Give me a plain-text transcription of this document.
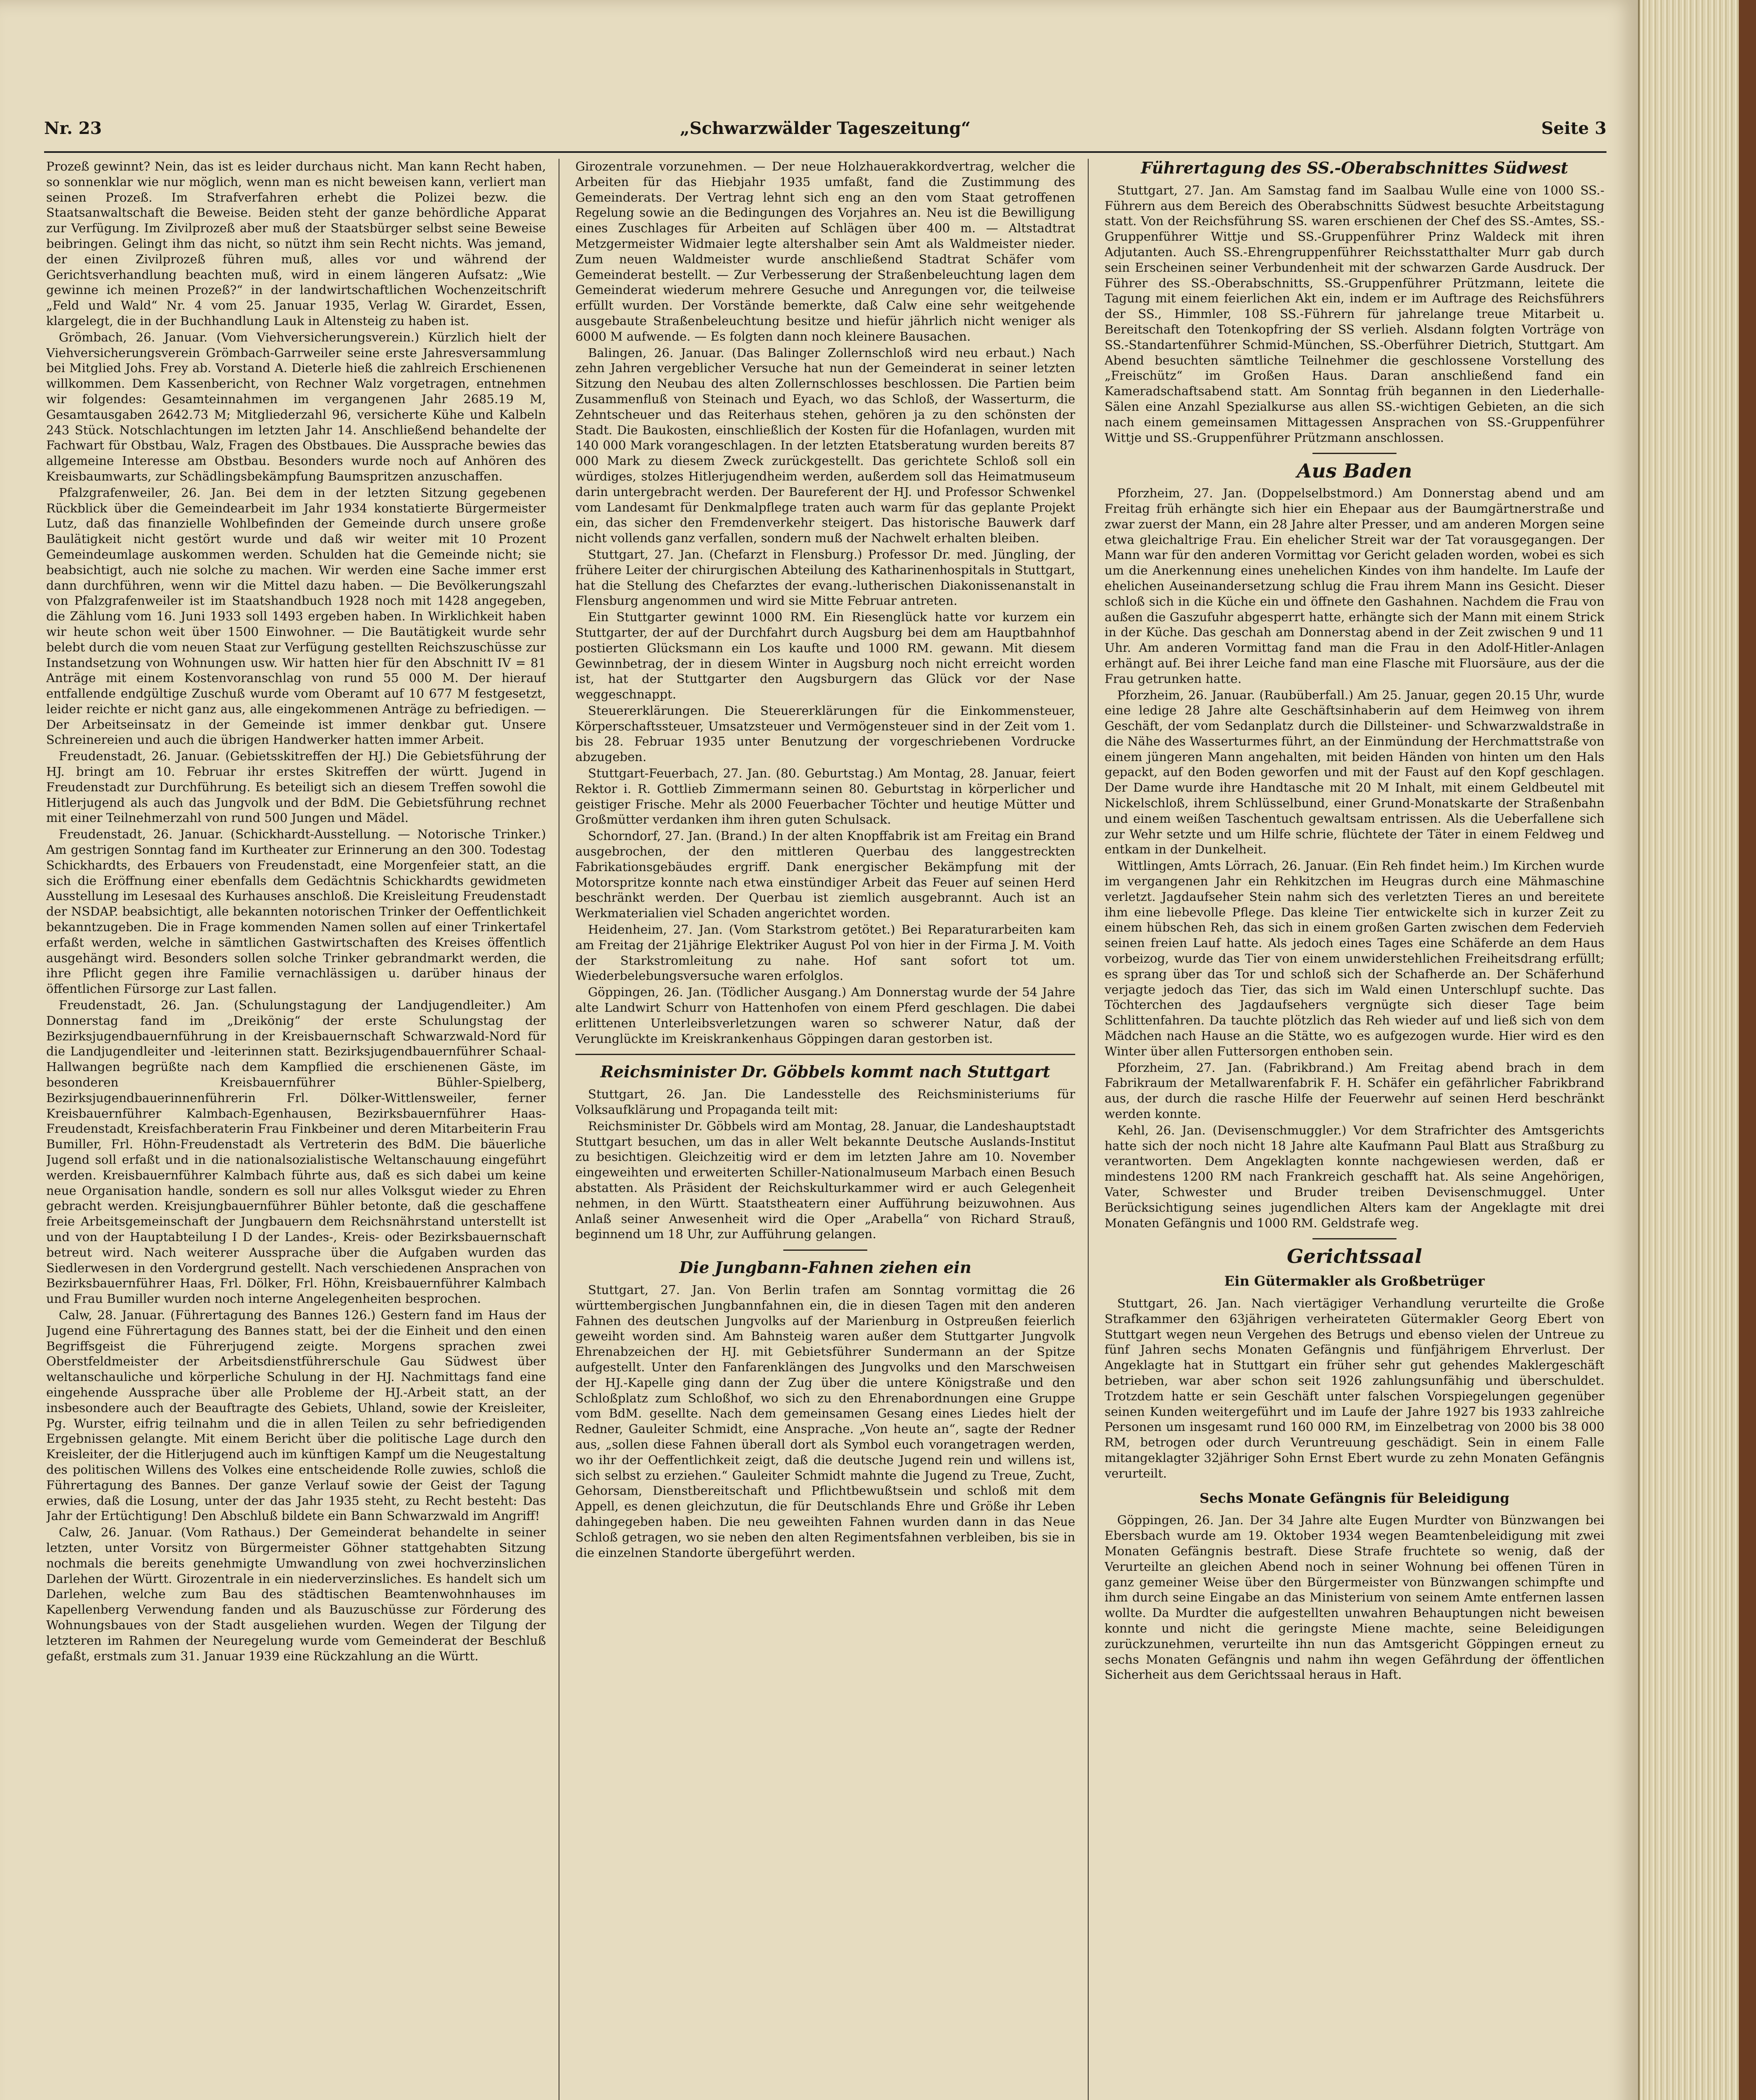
Nr. 23	„Schwarzwälder Tageszeitung“	Seite 3

Prozeß gewinnt? Nein, das ist es leider durchaus nicht. Man kann Recht haben, so sonnenklar wie nur möglich, wenn man es nicht beweisen kann, verliert man seinen Prozeß. Im Strafverfahren erhebt die Polizei bezw. die Staatsanwaltschaft die Beweise. Beiden steht der ganze behördliche Apparat zur Verfügung. Im Zivilprozeß aber muß der Staatsbürger selbst seine Beweise beibringen. Gelingt ihm das nicht, so nützt ihm sein Recht nichts. Was jemand, der einen Zivilprozeß führen muß, alles vor und während der Gerichtsverhandlung beachten muß, wird in einem längeren Aufsatz: „Wie gewinne ich meinen Prozeß?“ in der landwirtschaftlichen Wochenzeitschrift „Feld und Wald“ Nr. 4 vom 25. Januar 1935, Verlag W. Girardet, Essen, klargelegt, die in der Buchhandlung Lauk in Altensteig zu haben ist.

Grömbach, 26. Januar. (Vom Viehversicherungsverein.) Kürzlich hielt der Viehversicherungsverein Grömbach-Garrweiler seine erste Jahresversammlung bei Mitglied Johs. Frey ab. Vorstand A. Dieterle hieß die zahlreich Erschienenen willkommen. Dem Kassenbericht, von Rechner Walz vorgetragen, entnehmen wir folgendes: Gesamteinnahmen im vergangenen Jahr 2685.19 M, Gesamtausgaben 2642.73 M; Mitgliederzahl 96, versicherte Kühe und Kalbeln 243 Stück. Notschlachtungen im letzten Jahr 14. Anschließend behandelte der Fachwart für Obstbau, Walz, Fragen des Obstbaues. Die Aussprache bewies das allgemeine Interesse am Obstbau. Besonders wurde noch auf Anhören des Kreisbaumwarts, zur Schädlingsbekämpfung Baumspritzen anzuschaffen.

Pfalzgrafenweiler, 26. Jan. Bei dem in der letzten Sitzung gegebenen Rückblick über die Gemeindearbeit im Jahr 1934 konstatierte Bürgermeister Lutz, daß das finanzielle Wohlbefinden der Gemeinde durch unsere große Baulätigkeit nicht gestört wurde und daß wir weiter mit 10 Prozent Gemeindeumlage auskommen werden. Schulden hat die Gemeinde nicht; sie beabsichtigt, auch nie solche zu machen. Wir werden eine Sache immer erst dann durchführen, wenn wir die Mittel dazu haben. — Die Bevölkerungszahl von Pfalzgrafenweiler ist im Staatshandbuch 1928 noch mit 1428 angegeben, die Zählung vom 16. Juni 1933 soll 1493 ergeben haben. In Wirklichkeit haben wir heute schon weit über 1500 Einwohner. — Die Bautätigkeit wurde sehr belebt durch die vom neuen Staat zur Verfügung gestellten Reichszuschüsse zur Instandsetzung von Wohnungen usw. Wir hatten hier für den Abschnitt IV = 81 Anträge mit einem Kostenvoranschlag von rund 55 000 M. Der hierauf entfallende endgültige Zuschuß wurde vom Oberamt auf 10 677 M festgesetzt, leider reichte er nicht ganz aus, alle eingekommenen Anträge zu befriedigen. — Der Arbeitseinsatz in der Gemeinde ist immer denkbar gut. Unsere Schreinereien und auch die übrigen Handwerker hatten immer Arbeit.

Freudenstadt, 26. Januar. (Gebietsskitreffen der HJ.) Die Gebietsführung der HJ. bringt am 10. Februar ihr erstes Skitreffen der württ. Jugend in Freudenstadt zur Durchführung. Es beteiligt sich an diesem Treffen sowohl die Hitlerjugend als auch das Jungvolk und der BdM. Die Gebietsführung rechnet mit einer Teilnehmerzahl von rund 500 Jungen und Mädel.

Freudenstadt, 26. Januar. (Schickhardt-Ausstellung. — Notorische Trinker.) Am gestrigen Sonntag fand im Kurtheater zur Erinnerung an den 300. Todestag Schickhardts, des Erbauers von Freudenstadt, eine Morgenfeier statt, an die sich die Eröffnung einer ebenfalls dem Gedächtnis Schickhardts gewidmeten Ausstellung im Lesesaal des Kurhauses anschloß. Die Kreisleitung Freudenstadt der NSDAP. beabsichtigt, alle bekannten notorischen Trinker der Oeffentlichkeit bekanntzugeben. Die in Frage kommenden Namen sollen auf einer Trinkertafel erfaßt werden, welche in sämtlichen Gastwirtschaften des Kreises öffentlich ausgehängt wird. Besonders sollen solche Trinker gebrandmarkt werden, die ihre Pflicht gegen ihre Familie vernachlässigen u. darüber hinaus der öffentlichen Fürsorge zur Last fallen.

Freudenstadt, 26. Jan. (Schulungstagung der Landjugendleiter.) Am Donnerstag fand im „Dreikönig“ der erste Schulungstag der Bezirksjugendbauernführung in der Kreisbauernschaft Schwarzwald-Nord für die Landjugendleiter und -leiterinnen statt. Bezirksjugendbauernführer Schaal-Hallwangen begrüßte nach dem Kampflied die erschienenen Gäste, im besonderen Kreisbauernführer Bühler-Spielberg, Bezirksjugendbauerinnenführerin Frl. Dölker-Wittlensweiler, ferner Kreisbauernführer Kalmbach-Egenhausen, Bezirksbauernführer Haas-Freudenstadt, Kreisfachberaterin Frau Finkbeiner und deren Mitarbeiterin Frau Bumiller, Frl. Höhn-Freudenstadt als Vertreterin des BdM. Die bäuerliche Jugend soll erfaßt und in die nationalsozialistische Weltanschauung eingeführt werden. Kreisbauernführer Kalmbach führte aus, daß es sich dabei um keine neue Organisation handle, sondern es soll nur alles Volksgut wieder zu Ehren gebracht werden. Kreisjungbauernführer Bühler betonte, daß die geschaffene freie Arbeitsgemeinschaft der Jungbauern dem Reichsnährstand unterstellt ist und von der Hauptabteilung I D der Landes-, Kreis- oder Bezirksbauernschaft betreut wird. Nach weiterer Aussprache über die Aufgaben wurden das Siedlerwesen in den Vordergrund gestellt. Nach verschiedenen Ansprachen von Bezirksbauernführer Haas, Frl. Dölker, Frl. Höhn, Kreisbauernführer Kalmbach und Frau Bumiller wurden noch interne Angelegenheiten besprochen.

Calw, 28. Januar. (Führertagung des Bannes 126.) Gestern fand im Haus der Jugend eine Führertagung des Bannes statt, bei der die Einheit und den einen Begriffsgeist die Führerjugend zeigte. Morgens sprachen zwei Oberstfeldmeister der Arbeitsdienstführerschule Gau Südwest über weltanschauliche und körperliche Schulung in der HJ. Nachmittags fand eine eingehende Aussprache über alle Probleme der HJ.-Arbeit statt, an der insbesondere auch der Beauftragte des Gebiets, Uhland, sowie der Kreisleiter, Pg. Wurster, eifrig teilnahm und die in allen Teilen zu sehr befriedigenden Ergebnissen gelangte. Mit einem Bericht über die politische Lage durch den Kreisleiter, der die Hitlerjugend auch im künftigen Kampf um die Neugestaltung des politischen Willens des Volkes eine entscheidende Rolle zuwies, schloß die Führertagung des Bannes. Der ganze Verlauf sowie der Geist der Tagung erwies, daß die Losung, unter der das Jahr 1935 steht, zu Recht besteht: Das Jahr der Ertüchtigung! Den Abschluß bildete ein Bann Schwarzwald im Angriff!

Calw, 26. Januar. (Vom Rathaus.) Der Gemeinderat behandelte in seiner letzten, unter Vorsitz von Bürgermeister Göhner stattgehabten Sitzung nochmals die bereits genehmigte Umwandlung von zwei hochverzinslichen Darlehen der Württ. Girozentrale in ein niederverzinsliches. Es handelt sich um Darlehen, welche zum Bau des städtischen Beamtenwohnhauses im Kapellenberg Verwendung fanden und als Bauzuschüsse zur Förderung des Wohnungsbaues von der Stadt ausgeliehen wurden. Wegen der Tilgung der letzteren im Rahmen der Neuregelung wurde vom Gemeinderat der Beschluß gefaßt, erstmals zum 31. Januar 1939 eine Rückzahlung an die Württ.

Girozentrale vorzunehmen. — Der neue Holzhauerakkordvertrag, welcher die Arbeiten für das Hiebjahr 1935 umfaßt, fand die Zustimmung des Gemeinderats. Der Vertrag lehnt sich eng an den vom Staat getroffenen Regelung sowie an die Bedingungen des Vorjahres an. Neu ist die Bewilligung eines Zuschlages für Arbeiten auf Schlägen über 400 m. — Altstadtrat Metzgermeister Widmaier legte altershalber sein Amt als Waldmeister nieder. Zum neuen Waldmeister wurde anschließend Stadtrat Schäfer vom Gemeinderat bestellt. — Zur Verbesserung der Straßenbeleuchtung lagen dem Gemeinderat wiederum mehrere Gesuche und Anregungen vor, die teilweise erfüllt wurden. Der Vorstände bemerkte, daß Calw eine sehr weitgehende ausgebaute Straßenbeleuchtung besitze und hiefür jährlich nicht weniger als 6000 M aufwende. — Es folgten dann noch kleinere Bausachen.

Balingen, 26. Januar. (Das Balinger Zollernschloß wird neu erbaut.) Nach zehn Jahren vergeblicher Versuche hat nun der Gemeinderat in seiner letzten Sitzung den Neubau des alten Zollernschlosses beschlossen. Die Partien beim Zusammenfluß von Steinach und Eyach, wo das Schloß, der Wasserturm, die Zehntscheuer und das Reiterhaus stehen, gehören ja zu den schönsten der Stadt. Die Baukosten, einschließlich der Kosten für die Hofanlagen, wurden mit 140 000 Mark vorangeschlagen. In der letzten Etatsberatung wurden bereits 87 000 Mark zu diesem Zweck zurückgestellt. Das gerichtete Schloß soll ein würdiges, stolzes Hitlerjugendheim werden, außerdem soll das Heimatmuseum darin untergebracht werden. Der Baureferent der HJ. und Professor Schwenkel vom Landesamt für Denkmalpflege traten auch warm für das geplante Projekt ein, das sicher den Fremdenverkehr steigert. Das historische Bauwerk darf nicht vollends ganz verfallen, sondern muß der Nachwelt erhalten bleiben.

Stuttgart, 27. Jan. (Chefarzt in Flensburg.) Professor Dr. med. Jüngling, der frühere Leiter der chirurgischen Abteilung des Katharinenhospitals in Stuttgart, hat die Stellung des Chefarztes der evang.-lutherischen Diakonissenanstalt in Flensburg angenommen und wird sie Mitte Februar antreten.

Ein Stuttgarter gewinnt 1000 RM. Ein Riesenglück hatte vor kurzem ein Stuttgarter, der auf der Durchfahrt durch Augsburg bei dem am Hauptbahnhof postierten Glücksmann ein Los kaufte und 1000 RM. gewann. Mit diesem Gewinnbetrag, der in diesem Winter in Augsburg noch nicht erreicht worden ist, hat der Stuttgarter den Augsburgern das Glück vor der Nase weggeschnappt.

Steuererklärungen. Die Steuererklärungen für die Einkommensteuer, Körperschaftssteuer, Umsatzsteuer und Vermögensteuer sind in der Zeit vom 1. bis 28. Februar 1935 unter Benutzung der vorgeschriebenen Vordrucke abzugeben.

Stuttgart-Feuerbach, 27. Jan. (80. Geburtstag.) Am Montag, 28. Januar, feiert Rektor i. R. Gottlieb Zimmermann seinen 80. Geburtstag in körperlicher und geistiger Frische. Mehr als 2000 Feuerbacher Töchter und heutige Mütter und Großmütter verdanken ihm ihren guten Schulsack.

Schorndorf, 27. Jan. (Brand.) In der alten Knopffabrik ist am Freitag ein Brand ausgebrochen, der den mittleren Querbau des langgestreckten Fabrikationsgebäudes ergriff. Dank energischer Bekämpfung mit der Motorspritze konnte nach etwa einstündiger Arbeit das Feuer auf seinen Herd beschränkt werden. Der Querbau ist ziemlich ausgebrannt. Auch ist an Werkmaterialien viel Schaden angerichtet worden.

Heidenheim, 27. Jan. (Vom Starkstrom getötet.) Bei Reparaturarbeiten kam am Freitag der 21jährige Elektriker August Pol von hier in der Firma J. M. Voith der Starkstromleitung zu nahe. Hof sant sofort tot um. Wiederbelebungsversuche waren erfolglos.

Göppingen, 26. Jan. (Tödlicher Ausgang.) Am Donnerstag wurde der 54 Jahre alte Landwirt Schurr von Hattenhofen von einem Pferd geschlagen. Die dabei erlittenen Unterleibsverletzungen waren so schwerer Natur, daß der Verunglückte im Kreiskrankenhaus Göppingen daran gestorben ist.

Reichsminister Dr. Göbbels kommt nach Stuttgart

Stuttgart, 26. Jan. Die Landesstelle des Reichsministeriums für Volksaufklärung und Propaganda teilt mit:

Reichsminister Dr. Göbbels wird am Montag, 28. Januar, die Landeshauptstadt Stuttgart besuchen, um das in aller Welt bekannte Deutsche Auslands-Institut zu besichtigen. Gleichzeitig wird er dem im letzten Jahre am 10. November eingeweihten und erweiterten Schiller-Nationalmuseum Marbach einen Besuch abstatten. Als Präsident der Reichskulturkammer wird er auch Gelegenheit nehmen, in den Württ. Staatstheatern einer Aufführung beizuwohnen. Aus Anlaß seiner Anwesenheit wird die Oper „Arabella“ von Richard Strauß, beginnend um 18 Uhr, zur Aufführung gelangen.

Die Jungbann-Fahnen ziehen ein

Stuttgart, 27. Jan. Von Berlin trafen am Sonntag vormittag die 26 württembergischen Jungbannfahnen ein, die in diesen Tagen mit den anderen Fahnen des deutschen Jungvolks auf der Marienburg in Ostpreußen feierlich geweiht worden sind. Am Bahnsteig waren außer dem Stuttgarter Jungvolk Ehrenabzeichen der HJ. mit Gebietsführer Sundermann an der Spitze aufgestellt. Unter den Fanfarenklängen des Jungvolks und den Marschweisen der HJ.-Kapelle ging dann der Zug über die untere Königstraße und den Schloßplatz zum Schloßhof, wo sich zu den Ehrenabordnungen eine Gruppe vom BdM. gesellte. Nach dem gemeinsamen Gesang eines Liedes hielt der Redner, Gauleiter Schmidt, eine Ansprache. „Von heute an“, sagte der Redner aus, „sollen diese Fahnen überall dort als Symbol euch vorangetragen werden, wo ihr der Oeffentlichkeit zeigt, daß die deutsche Jugend rein und willens ist, sich selbst zu erziehen.“ Gauleiter Schmidt mahnte die Jugend zu Treue, Zucht, Gehorsam, Dienstbereitschaft und Pflichtbewußtsein und schloß mit dem Appell, es denen gleichzutun, die für Deutschlands Ehre und Größe ihr Leben dahingegeben haben. Die neu geweihten Fahnen wurden dann in das Neue Schloß getragen, wo sie neben den alten Regimentsfahnen verbleiben, bis sie in die einzelnen Standorte übergeführt werden.

Führertagung des SS.-Oberabschnittes Südwest

Stuttgart, 27. Jan. Am Samstag fand im Saalbau Wulle eine von 1000 SS.-Führern aus dem Bereich des Oberabschnitts Südwest besuchte Arbeitstagung statt. Von der Reichsführung SS. waren erschienen der Chef des SS.-Amtes, SS.-Gruppenführer Wittje und SS.-Gruppenführer Prinz Waldeck mit ihren Adjutanten. Auch SS.-Ehrengruppenführer Reichsstatthalter Murr gab durch sein Erscheinen seiner Verbundenheit mit der schwarzen Garde Ausdruck. Der Führer des SS.-Oberabschnitts, SS.-Gruppenführer Prützmann, leitete die Tagung mit einem feierlichen Akt ein, indem er im Auftrage des Reichsführers der SS., Himmler, 108 SS.-Führern für jahrelange treue Mitarbeit u. Bereitschaft den Totenkopfring der SS verlieh. Alsdann folgten Vorträge von SS.-Standartenführer Schmid-München, SS.-Oberführer Dietrich, Stuttgart. Am Abend besuchten sämtliche Teilnehmer die geschlossene Vorstellung des „Freischütz“ im Großen Haus. Daran anschließend fand ein Kameradschaftsabend statt. Am Sonntag früh begannen in den Liederhalle-Sälen eine Anzahl Spezialkurse aus allen SS.-wichtigen Gebieten, an die sich nach einem gemeinsamen Mittagessen Ansprachen von SS.-Gruppenführer Wittje und SS.-Gruppenführer Prützmann anschlossen.

Aus Baden

Pforzheim, 27. Jan. (Doppelselbstmord.) Am Donnerstag abend und am Freitag früh erhängte sich hier ein Ehepaar aus der Baumgärtnerstraße und zwar zuerst der Mann, ein 28 Jahre alter Presser, und am anderen Morgen seine etwa gleichaltrige Frau. Ein ehelicher Streit war der Tat vorausgegangen. Der Mann war für den anderen Vormittag vor Gericht geladen worden, wobei es sich um die Anerkennung eines unehelichen Kindes von ihm handelte. Im Laufe der ehelichen Auseinandersetzung schlug die Frau ihrem Mann ins Gesicht. Dieser schloß sich in die Küche ein und öffnete den Gashahnen. Nachdem die Frau von außen die Gaszufuhr abgesperrt hatte, erhängte sich der Mann mit einem Strick in der Küche. Das geschah am Donnerstag abend in der Zeit zwischen 9 und 11 Uhr. Am anderen Vormittag fand man die Frau in den Adolf-Hitler-Anlagen erhängt auf. Bei ihrer Leiche fand man eine Flasche mit Fluorsäure, aus der die Frau getrunken hatte.

Pforzheim, 26. Januar. (Raubüberfall.) Am 25. Januar, gegen 20.15 Uhr, wurde eine ledige 28 Jahre alte Geschäftsinhaberin auf dem Heimweg von ihrem Geschäft, der vom Sedanplatz durch die Dillsteiner- und Schwarzwaldstraße in die Nähe des Wasserturmes führt, an der Einmündung der Herchmattstraße von einem jüngeren Mann angehalten, mit beiden Händen von hinten um den Hals gepackt, auf den Boden geworfen und mit der Faust auf den Kopf geschlagen. Der Dame wurde ihre Handtasche mit 20 M Inhalt, mit einem Geldbeutel mit Nickelschloß, ihrem Schlüsselbund, einer Grund-Monatskarte der Straßenbahn und einem weißen Taschentuch gewaltsam entrissen. Als die Ueberfallene sich zur Wehr setzte und um Hilfe schrie, flüchtete der Täter in einem Feldweg und entkam in der Dunkelheit.

Wittlingen, Amts Lörrach, 26. Januar. (Ein Reh findet heim.) Im Kirchen wurde im vergangenen Jahr ein Rehkitzchen im Heugras durch eine Mähmaschine verletzt. Jagdaufseher Stein nahm sich des verletzten Tieres an und bereitete ihm eine liebevolle Pflege. Das kleine Tier entwickelte sich in kurzer Zeit zu einem hübschen Reh, das sich in einem großen Garten zwischen dem Federvieh seinen freien Lauf hatte. Als jedoch eines Tages eine Schäferde an dem Haus vorbeizog, wurde das Tier von einem unwiderstehlichen Freiheitsdrang erfüllt; es sprang über das Tor und schloß sich der Schafherde an. Der Schäferhund verjagte jedoch das Tier, das sich im Wald einen Unterschlupf suchte. Das Töchterchen des Jagdaufsehers vergnügte sich dieser Tage beim Schlittenfahren. Da tauchte plötzlich das Reh wieder auf und ließ sich von dem Mädchen nach Hause an die Stätte, wo es aufgezogen wurde. Hier wird es den Winter über allen Futtersorgen enthoben sein.

Pforzheim, 27. Jan. (Fabrikbrand.) Am Freitag abend brach in dem Fabrikraum der Metallwarenfabrik F. H. Schäfer ein gefährlicher Fabrikbrand aus, der durch die rasche Hilfe der Feuerwehr auf seinen Herd beschränkt werden konnte.

Kehl, 26. Jan. (Devisenschmuggler.) Vor dem Strafrichter des Amtsgerichts hatte sich der noch nicht 18 Jahre alte Kaufmann Paul Blatt aus Straßburg zu verantworten. Dem Angeklagten konnte nachgewiesen werden, daß er mindestens 1200 RM nach Frankreich geschafft hat. Als seine Angehörigen, Vater, Schwester und Bruder treiben Devisenschmuggel. Unter Berücksichtigung seines jugendlichen Alters kam der Angeklagte mit drei Monaten Gefängnis und 1000 RM. Geldstrafe weg.

Gerichtssaal
Ein Gütermakler als Großbetrüger

Stuttgart, 26. Jan. Nach viertägiger Verhandlung verurteilte die Große Strafkammer den 63jährigen verheirateten Gütermakler Georg Ebert von Stuttgart wegen neun Vergehen des Betrugs und ebenso vielen der Untreue zu fünf Jahren sechs Monaten Gefängnis und fünfjährigem Ehrverlust. Der Angeklagte hat in Stuttgart ein früher sehr gut gehendes Maklergeschäft betrieben, war aber schon seit 1926 zahlungsunfähig und überschuldet. Trotzdem hatte er sein Geschäft unter falschen Vorspiegelungen gegenüber seinen Kunden weitergeführt und im Laufe der Jahre 1927 bis 1933 zahlreiche Personen um insgesamt rund 160 000 RM, im Einzelbetrag von 2000 bis 38 000 RM, betrogen oder durch Veruntreuung geschädigt. Sein in einem Falle mitangeklagter 32jähriger Sohn Ernst Ebert wurde zu zehn Monaten Gefängnis verurteilt.

Sechs Monate Gefängnis für Beleidigung

Göppingen, 26. Jan. Der 34 Jahre alte Eugen Murdter von Bünzwangen bei Ebersbach wurde am 19. Oktober 1934 wegen Beamtenbeleidigung mit zwei Monaten Gefängnis bestraft. Diese Strafe fruchtete so wenig, daß der Verurteilte an gleichen Abend noch in seiner Wohnung bei offenen Türen in ganz gemeiner Weise über den Bürgermeister von Bünzwangen schimpfte und ihm durch seine Eingabe an das Ministerium von seinem Amte entfernen lassen wollte. Da Murdter die aufgestellten unwahren Behauptungen nicht beweisen konnte und nicht die geringste Miene machte, seine Beleidigungen zurückzunehmen, verurteilte ihn nun das Amtsgericht Göppingen erneut zu sechs Monaten Gefängnis und nahm ihn wegen Gefährdung der öffentlichen Sicherheit aus dem Gerichtssaal heraus in Haft.
